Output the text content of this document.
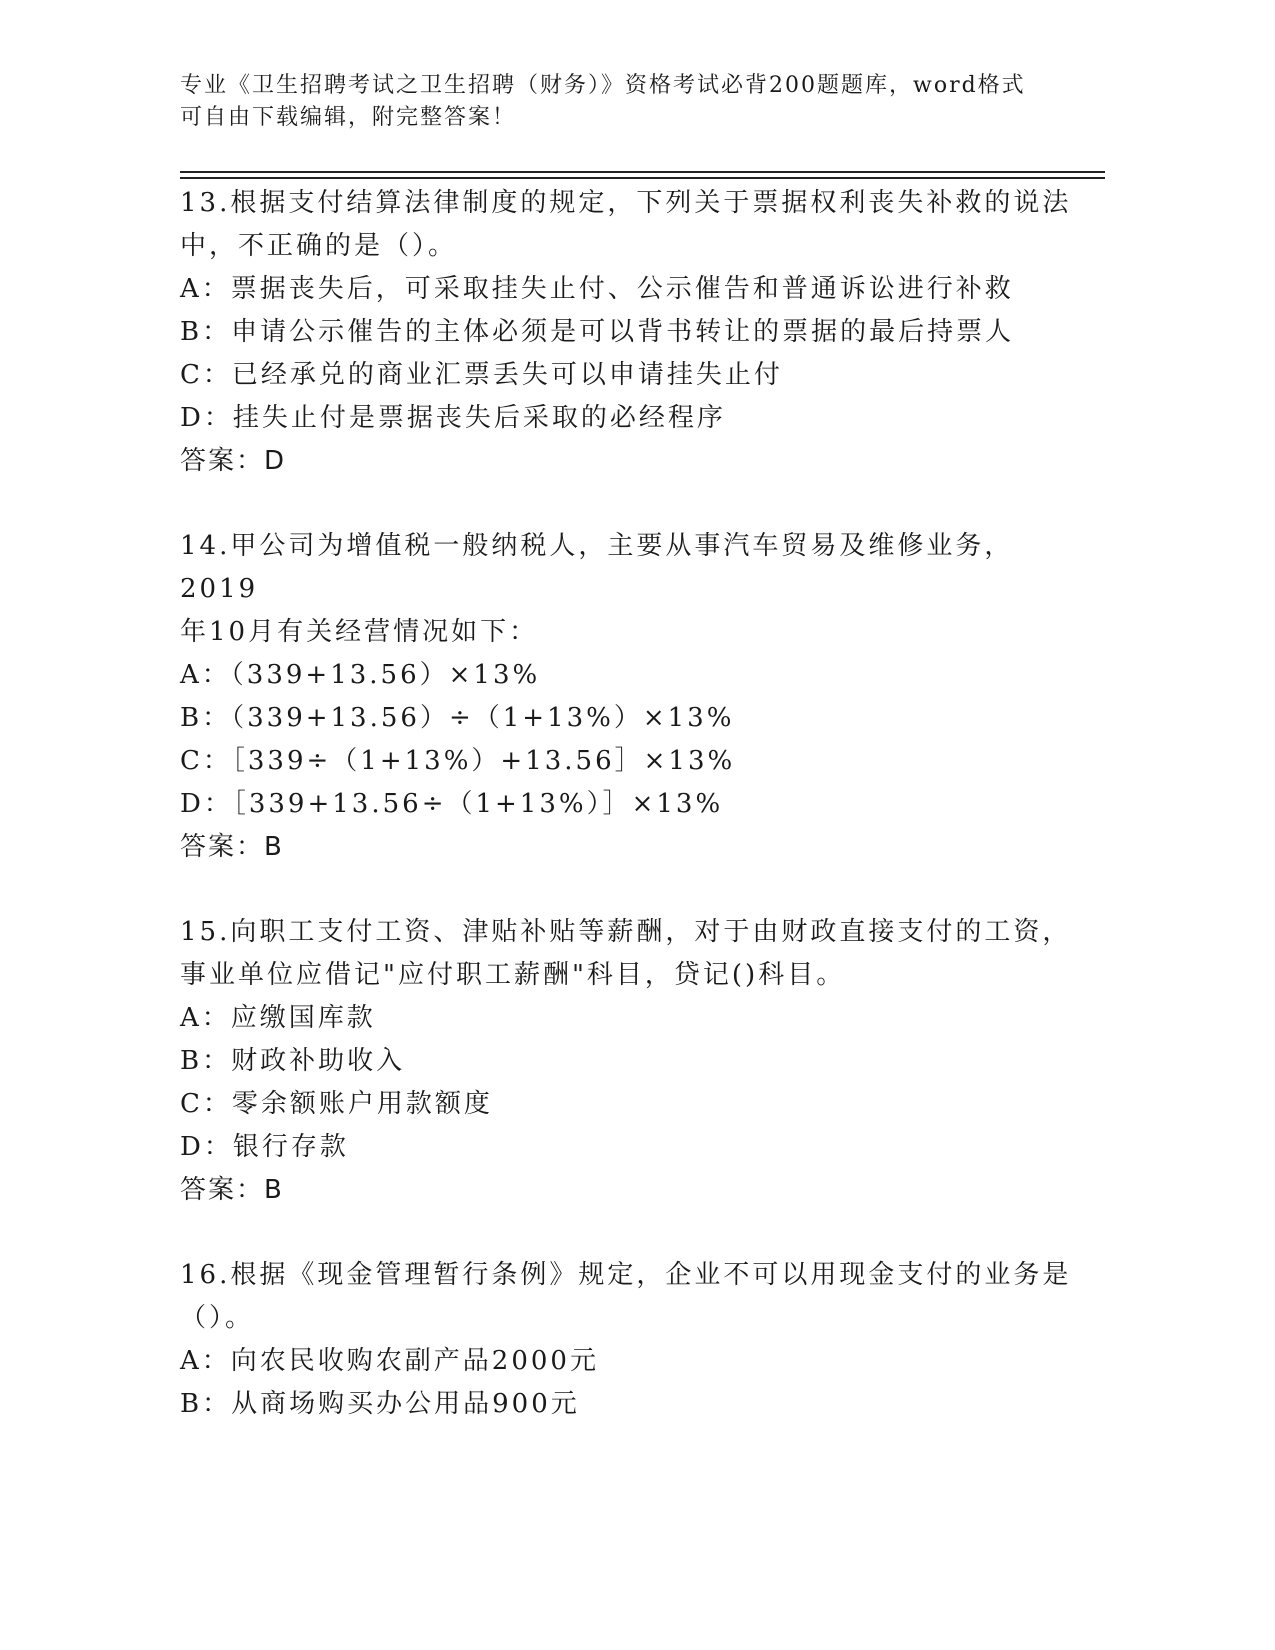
专业《卫生招聘考试之卫生招聘（财务）》资格考试必背200题题库，word格式
可自由下载编辑，附完整答案！
13.根据支付结算法律制度的规定，下列关于票据权利丧失补救的说法
中，不正确的是（）。
A：票据丧失后，可采取挂失止付、公示催告和普通诉讼进行补救
B：申请公示催告的主体必须是可以背书转让的票据的最后持票人
C：已经承兑的商业汇票丢失可以申请挂失止付
D：挂失止付是票据丧失后采取的必经程序
答案：D
14.甲公司为增值税一般纳税人，主要从事汽车贸易及维修业务，2019
年10月有关经营情况如下：
A：（339+13.56）×13%
B：（339+13.56）÷（1+13%）×13%
C：［339÷（1+13%）+13.56］×13%
D：［339+13.56÷（1+13%）］×13%
答案：B
15.向职工支付工资、津贴补贴等薪酬，对于由财政直接支付的工资，
事业单位应借记"应付职工薪酬"科目，贷记()科目。
A：应缴国库款
B：财政补助收入
C：零余额账户用款额度
D：银行存款
答案：B
16.根据《现金管理暂行条例》规定，企业不可以用现金支付的业务是
（）。
A：向农民收购农副产品2000元
B：从商场购买办公用品900元
